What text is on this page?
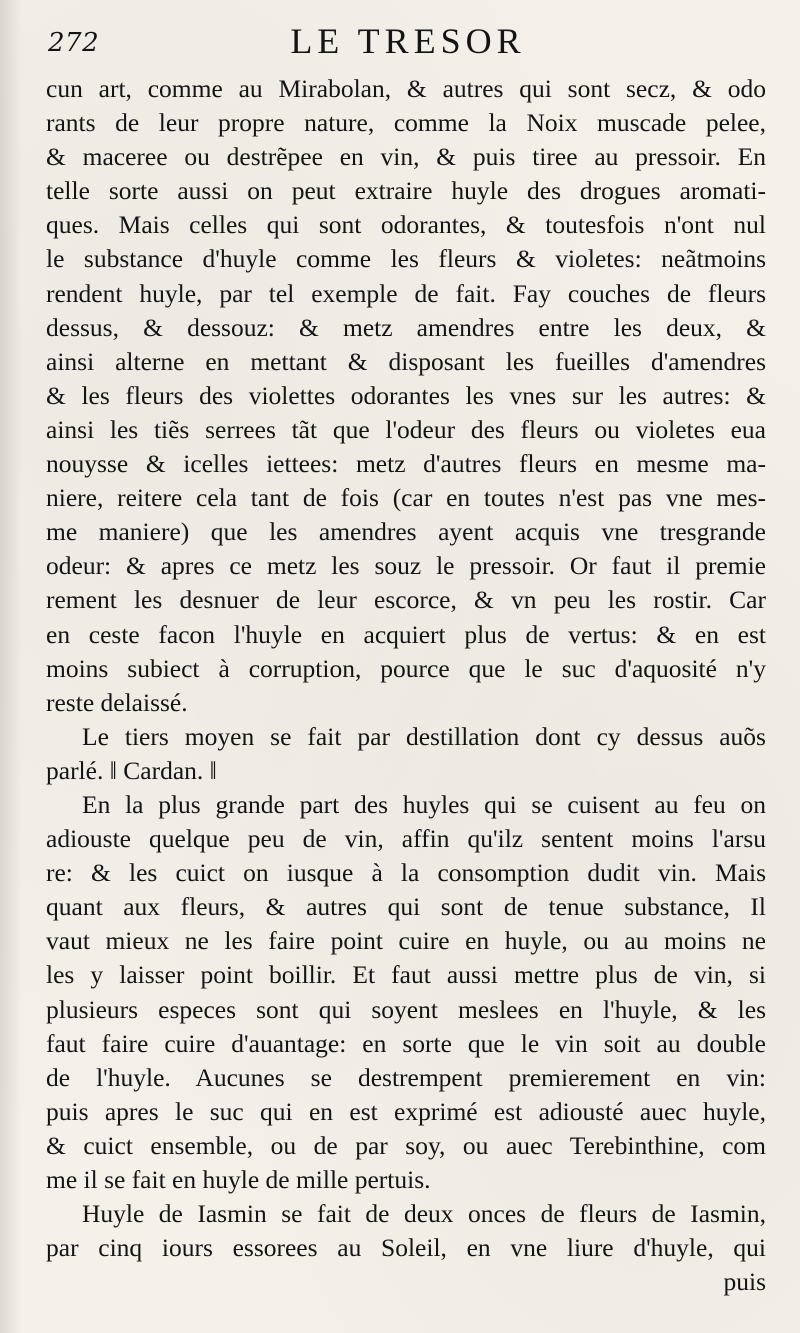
272	LE TRESOR
cun art, comme au Mirabolan, & autres qui sont secz, & odo
rants de leur propre nature, comme la Noix muscade pelee,
& maceree ou destrẽpee en vin, & puis tiree au pressoir. En
telle sorte aussi on peut extraire huyle des drogues aromati-
ques. Mais celles qui sont odorantes, & toutesfois n'ont nul
le substance d'huyle comme les fleurs & violetes: neãtmoins
rendent huyle, par tel exemple de fait. Fay couches de fleurs
dessus, & dessouz: & metz amendres entre les deux, &
ainsi alterne en mettant & disposant les fueilles d'amendres
& les fleurs des violettes odorantes les vnes sur les autres: &
ainsi les tiẽs serrees tãt que l'odeur des fleurs ou violetes eua
nouysse & icelles iettees: metz d'autres fleurs en mesme ma-
niere, reitere cela tant de fois (car en toutes n'est pas vne mes-
me maniere) que les amendres ayent acquis vne tresgrande
odeur: & apres ce metz les souz le pressoir. Or faut il premie
rement les desnuer de leur escorce, & vn peu les rostir. Car
en ceste facon l'huyle en acquiert plus de vertus: & en est
moins subiect à corruption, pource que le suc d'aquosité n'y
reste delaissé.
Le tiers moyen se fait par destillation dont cy dessus auõs
parlé. ‖ Cardan. ‖
En la plus grande part des huyles qui se cuisent au feu on
adiouste quelque peu de vin, affin qu'ilz sentent moins l'arsu
re: & les cuict on iusque à la consomption dudit vin. Mais
quant aux fleurs, & autres qui sont de tenue substance, Il
vaut mieux ne les faire point cuire en huyle, ou au moins ne
les y laisser point boillir. Et faut aussi mettre plus de vin, si
plusieurs especes sont qui soyent meslees en l'huyle, & les
faut faire cuire d'auantage: en sorte que le vin soit au double
de l'huyle. Aucunes se destrempent premierement en vin:
puis apres le suc qui en est exprimé est adiousté auec huyle,
& cuict ensemble, ou de par soy, ou auec Terebinthine, com
me il se fait en huyle de mille pertuis.
Huyle de Iasmin se fait de deux onces de fleurs de Iasmin,
par cinq iours essorees au Soleil, en vne liure d'huyle, qui
puis
